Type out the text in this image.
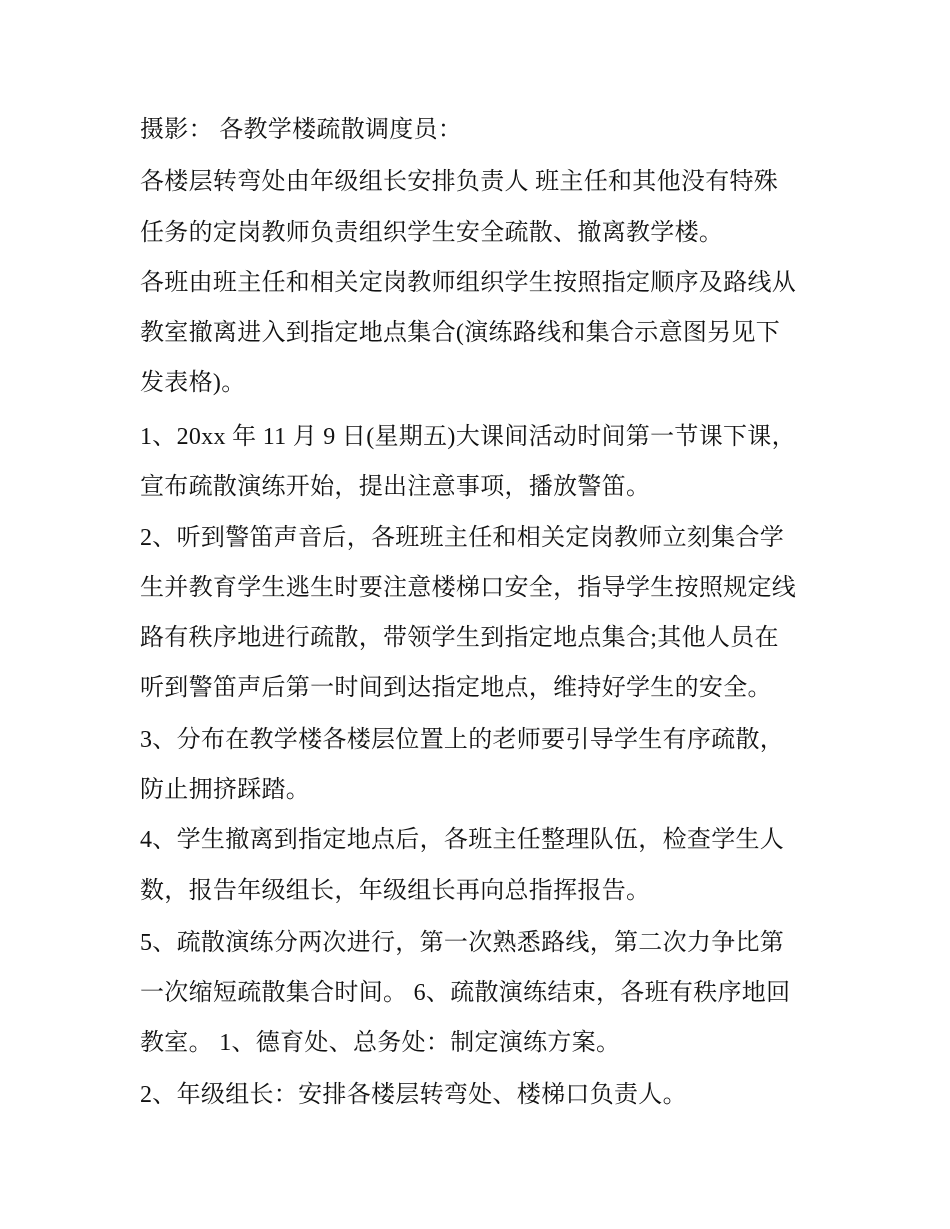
摄影： 各教学楼疏散调度员：
各楼层转弯处由年级组长安排负责人 班主任和其他没有特殊
任务的定岗教师负责组织学生安全疏散、撤离教学楼。
各班由班主任和相关定岗教师组织学生按照指定顺序及路线从
教室撤离进入到指定地点集合(演练路线和集合示意图另见下
发表格)。
1、20xx 年 11 月 9 日(星期五)大课间活动时间第一节课下课，
宣布疏散演练开始，提出注意事项，播放警笛。
2、听到警笛声音后，各班班主任和相关定岗教师立刻集合学
生并教育学生逃生时要注意楼梯口安全，指导学生按照规定线
路有秩序地进行疏散，带领学生到指定地点集合;其他人员在
听到警笛声后第一时间到达指定地点，维持好学生的安全。
3、分布在教学楼各楼层位置上的老师要引导学生有序疏散，
防止拥挤踩踏。
4、学生撤离到指定地点后，各班主任整理队伍，检查学生人
数，报告年级组长，年级组长再向总指挥报告。
5、疏散演练分两次进行，第一次熟悉路线，第二次力争比第
一次缩短疏散集合时间。 6、疏散演练结束，各班有秩序地回
教室。 1、德育处、总务处：制定演练方案。
2、年级组长：安排各楼层转弯处、楼梯口负责人。
